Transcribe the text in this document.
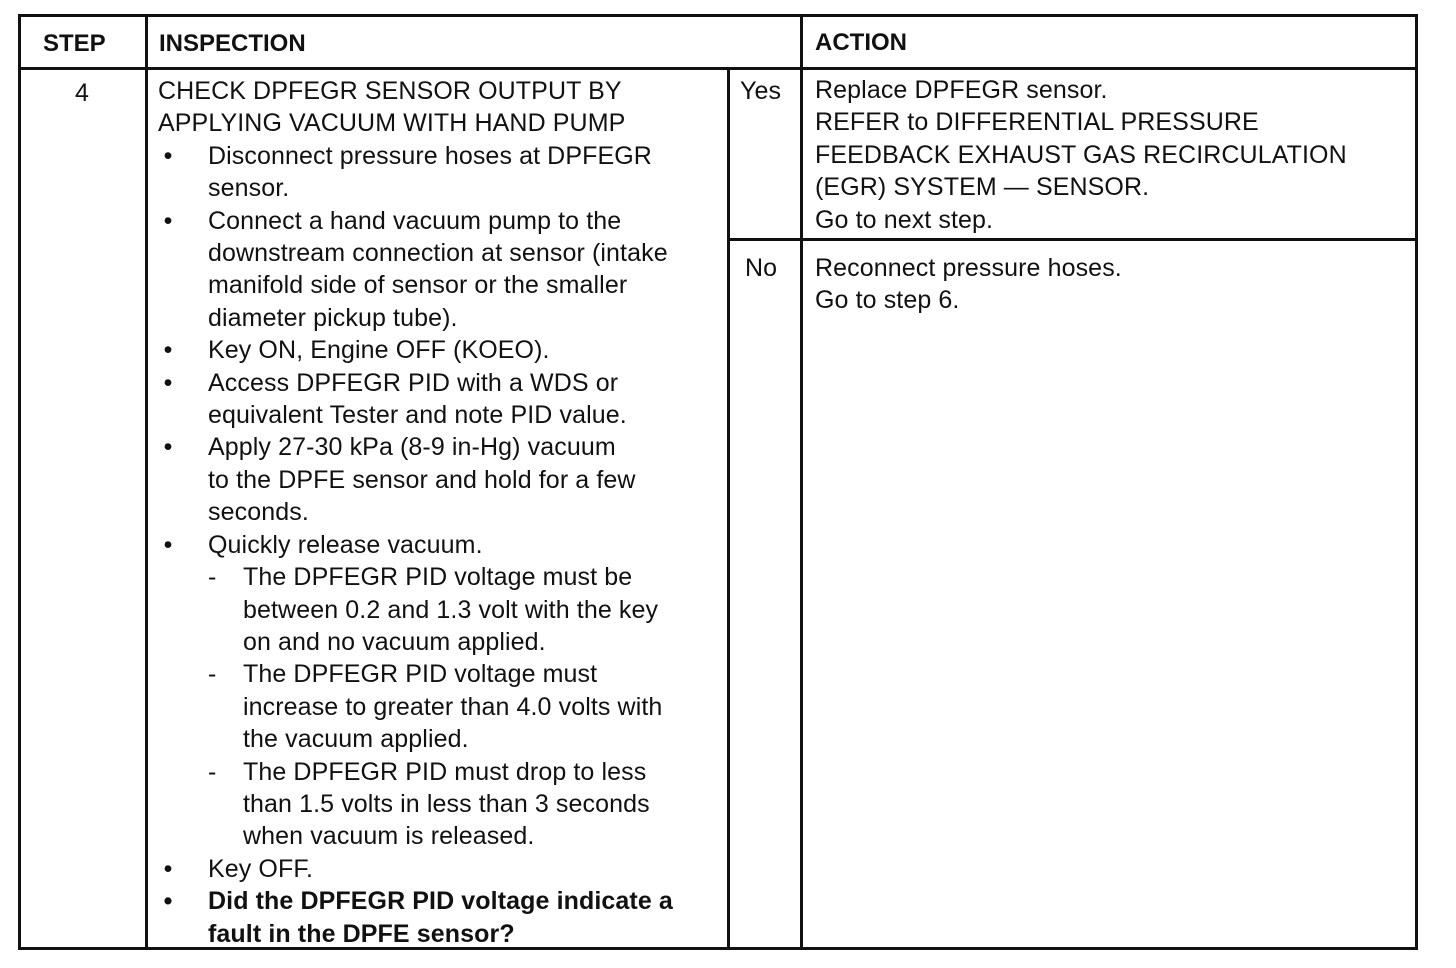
STEP INSPECTION	ACTION
4	CHECK DPFEGR SENSOR OUTPUT BY
APPLYING VACUUM WITH HAND PUMP
• Disconnect pressure hoses at DPFEGR
sensor.
• Connect a hand vacuum pump to the
downstream connection at sensor (intake
manifold side of sensor or the smaller
diameter pickup tube).
• Key ON, Engine OFF (KOEO).
• Access DPFEGR PID with a WDS or
equivalent Tester and note PID value.
• Apply 27-30 kPa (8-9 in-Hg) vacuum
to the DPFE sensor and hold for a few
seconds.
• Quickly release vacuum.
- The DPFEGR PID voltage must be
between 0.2 and 1.3 volt with the key
on and no vacuum applied.
- The DPFEGR PID voltage must
increase to greater than 4.0 volts with
the vacuum applied.
- The DPFEGR PID must drop to less
than 1.5 volts in less than 3 seconds
when vacuum is released.
• Key OFF.
• Did the DPFEGR PID voltage indicate a
fault in the DPFE sensor?
Yes
No
Replace DPFEGR sensor.
REFER to DIFFERENTIAL PRESSURE
FEEDBACK EXHAUST GAS RECIRCULATION
(EGR) SYSTEM — SENSOR.
Go to next step.
Reconnect pressure hoses.
Go to step 6.
